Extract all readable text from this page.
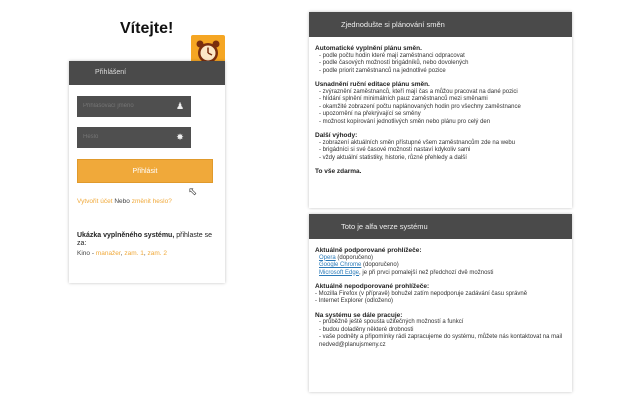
Vítejte!
Přihlášení
Přihlašovací jméno
♟
✸
Přihlásit
⬁
Vytvořit účet Nebo změnit heslo?
Ukázka vyplněného systému, přihlaste se za:
Kino - manažer, zam. 1, zam. 2
Zjednodušte si plánování směn
Automatické vyplnění plánu směn.
- podle počtu hodin které mají zaměstnanci odpracovat
- podle časových možností brigádníků, nebo dovolených
- podle priorit zaměstnanců na jednotlivé pozice
Usnadnění ruční editace plánu směn.
- zvýraznění zaměstnanců, kteří mají čas a můžou pracovat na dané pozici
- hlídání splnění minimálních pauz zaměstnanců mezi směnami
- okamžité zobrazení počtu naplánovaných hodin pro všechny zaměstnance
- upozornění na překrývající se směny
- možnost kopírování jednotlivých směn nebo plánu pro celý den
Další výhody:
- zobrazení aktuálních směn přístupné všem zaměstnancům zde na webu
- brigádníci si své časové možnosti nastaví kdykoliv sami
- vždy aktuální statistiky, historie, různé přehledy a další
To vše zdarma.
Toto je alfa verze systému
Aktuálně podporované prohlížeče:
Opera (doporučeno)
Google Chrome (doporučeno)
Microsoft Edge, je při prvci pomalejší než předchozí dvě možnosti
Aktuálně nepodporované prohlížeče:
- Mozilla Firefox (v přípravě) bohužel zatím nepodporuje zadávání času správně
- Internet Explorer (odloženo)
Na systému se dále pracuje:
- průběžně ještě spousta užitečných možností a funkcí
- budou doladěny některé drobnosti
- vaše podněty a připomínky rádi zapracujeme do systému, můžete nás kontaktovat na mail nedved@planujsmeny.cz
